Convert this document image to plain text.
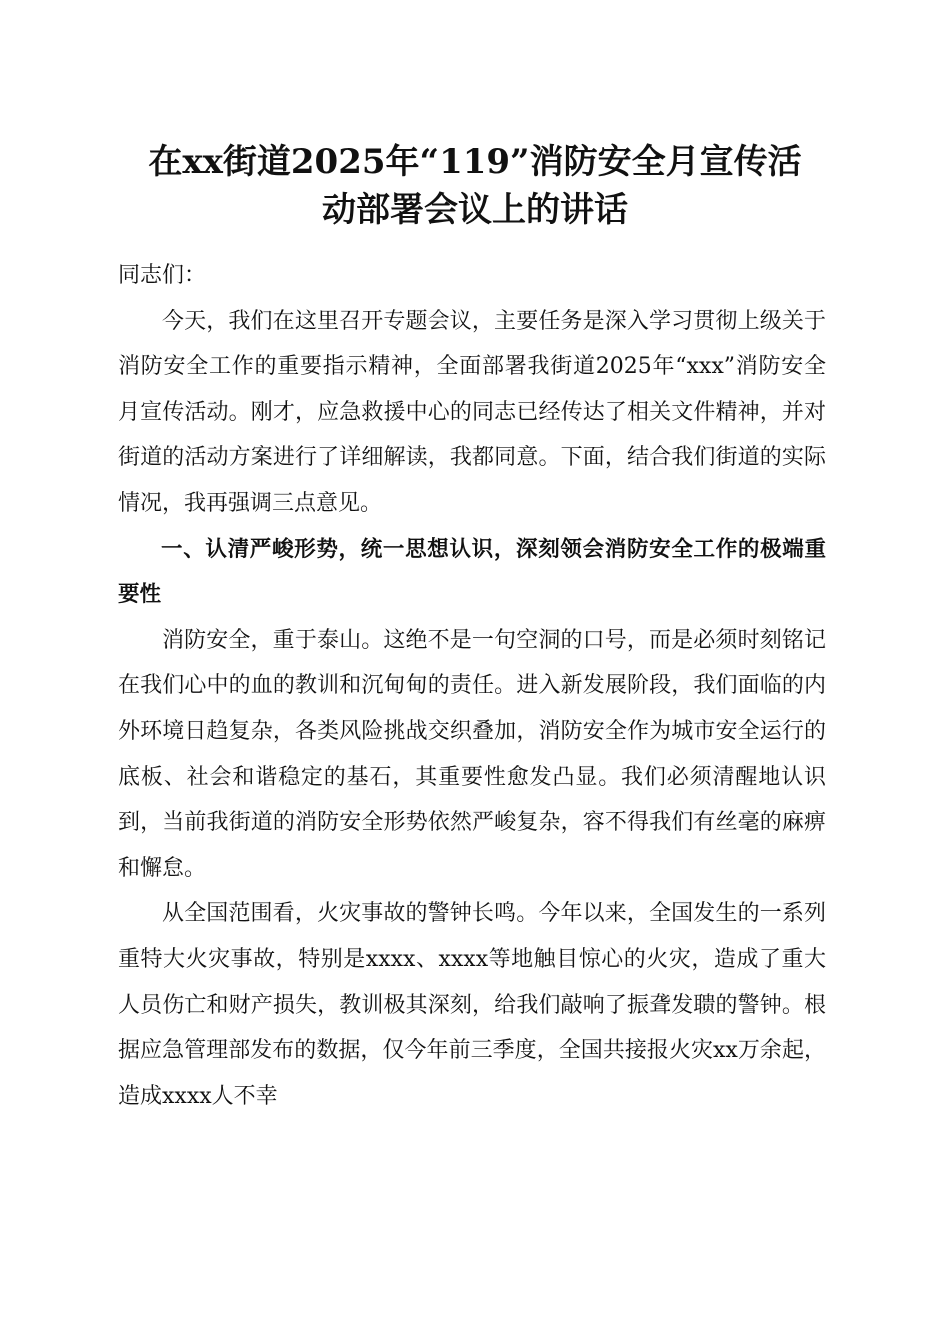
在xx街道2025年“119”消防安全月宣传活
动部署会议上的讲话

同志们：

今天，我们在这里召开专题会议，主要任务是深入学习贯彻上级关于消防安全工作的重要指示精神，全面部署我街道2025年“xxx”消防安全月宣传活动。刚才，应急救援中心的同志已经传达了相关文件精神，并对街道的活动方案进行了详细解读，我都同意。下面，结合我们街道的实际情况，我再强调三点意见。

一、认清严峻形势，统一思想认识，深刻领会消防安全工作的极端重要性

消防安全，重于泰山。这绝不是一句空洞的口号，而是必须时刻铭记在我们心中的血的教训和沉甸甸的责任。进入新发展阶段，我们面临的内外环境日趋复杂，各类风险挑战交织叠加，消防安全作为城市安全运行的底板、社会和谐稳定的基石，其重要性愈发凸显。我们必须清醒地认识到，当前我街道的消防安全形势依然严峻复杂，容不得我们有丝毫的麻痹和懈怠。

从全国范围看，火灾事故的警钟长鸣。今年以来，全国发生的一系列重特大火灾事故，特别是xxxx、xxxx等地触目惊心的火灾，造成了重大人员伤亡和财产损失，教训极其深刻，给我们敲响了振聋发聩的警钟。根据应急管理部发布的数据，仅今年前三季度，全国共接报火灾xx万余起，造成xxxx人不幸
